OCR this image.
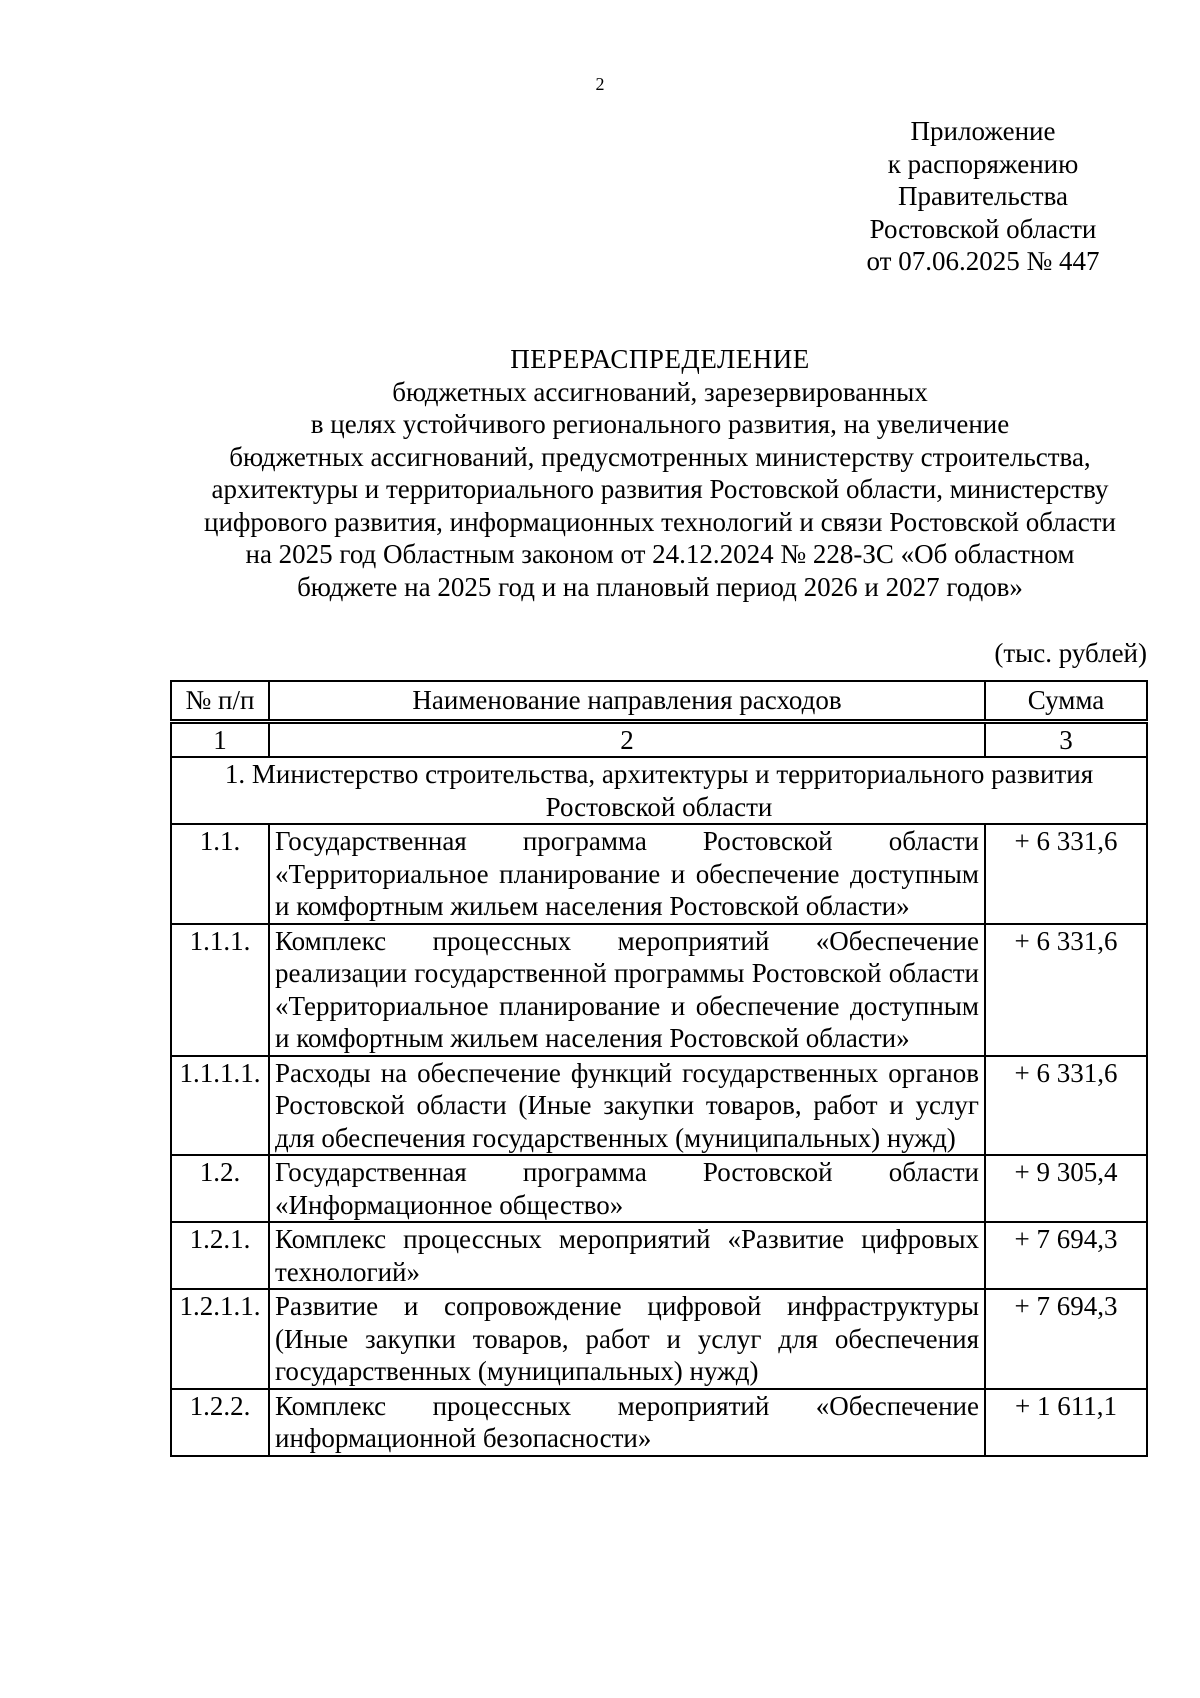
2
Приложение
к распоряжению
Правительства
Ростовской области
от 07.06.2025 № 447
ПЕРЕРАСПРЕДЕЛЕНИЕ
бюджетных ассигнований, зарезервированных
в целях устойчивого регионального развития, на увеличение
бюджетных ассигнований, предусмотренных министерству строительства,
архитектуры и территориального развития Ростовской области, министерству
цифрового развития, информационных технологий и связи Ростовской области
на 2025 год Областным законом от 24.12.2024 № 228-ЗС «Об областном
бюджете на 2025 год и на плановый период 2026 и 2027 годов»
(тыс. рублей)
№ п/п	Наименование направления расходов	Сумма
1	2	3
1. Министерство строительства, архитектуры и территориального развития Ростовской области		
1.1.	Государственная программа Ростовской области «Территориальное планирование и обеспечение доступным и комфортным жильем населения Ростовской области»	+ 6 331,6
1.1.1.	Комплекс процессных мероприятий «Обеспечение реализации государственной программы Ростовской области «Территориальное планирование и обеспечение доступным и комфортным жильем населения Ростовской области»	+ 6 331,6
1.1.1.1.	Расходы на обеспечение функций государственных органов Ростовской области (Иные закупки товаров, работ и услуг для обеспечения государственных (муниципальных) нужд)	+ 6 331,6
1.2.	Государственная программа Ростовской области «Информационное общество»	+ 9 305,4
1.2.1.	Комплекс процессных мероприятий «Развитие цифровых технологий»	+ 7 694,3
1.2.1.1.	Развитие и сопровождение цифровой инфраструктуры (Иные закупки товаров, работ и услуг для обеспечения государственных (муниципальных) нужд)	+ 7 694,3
1.2.2.	Комплекс процессных мероприятий «Обеспечение информационной безопасности»	+ 1 611,1
